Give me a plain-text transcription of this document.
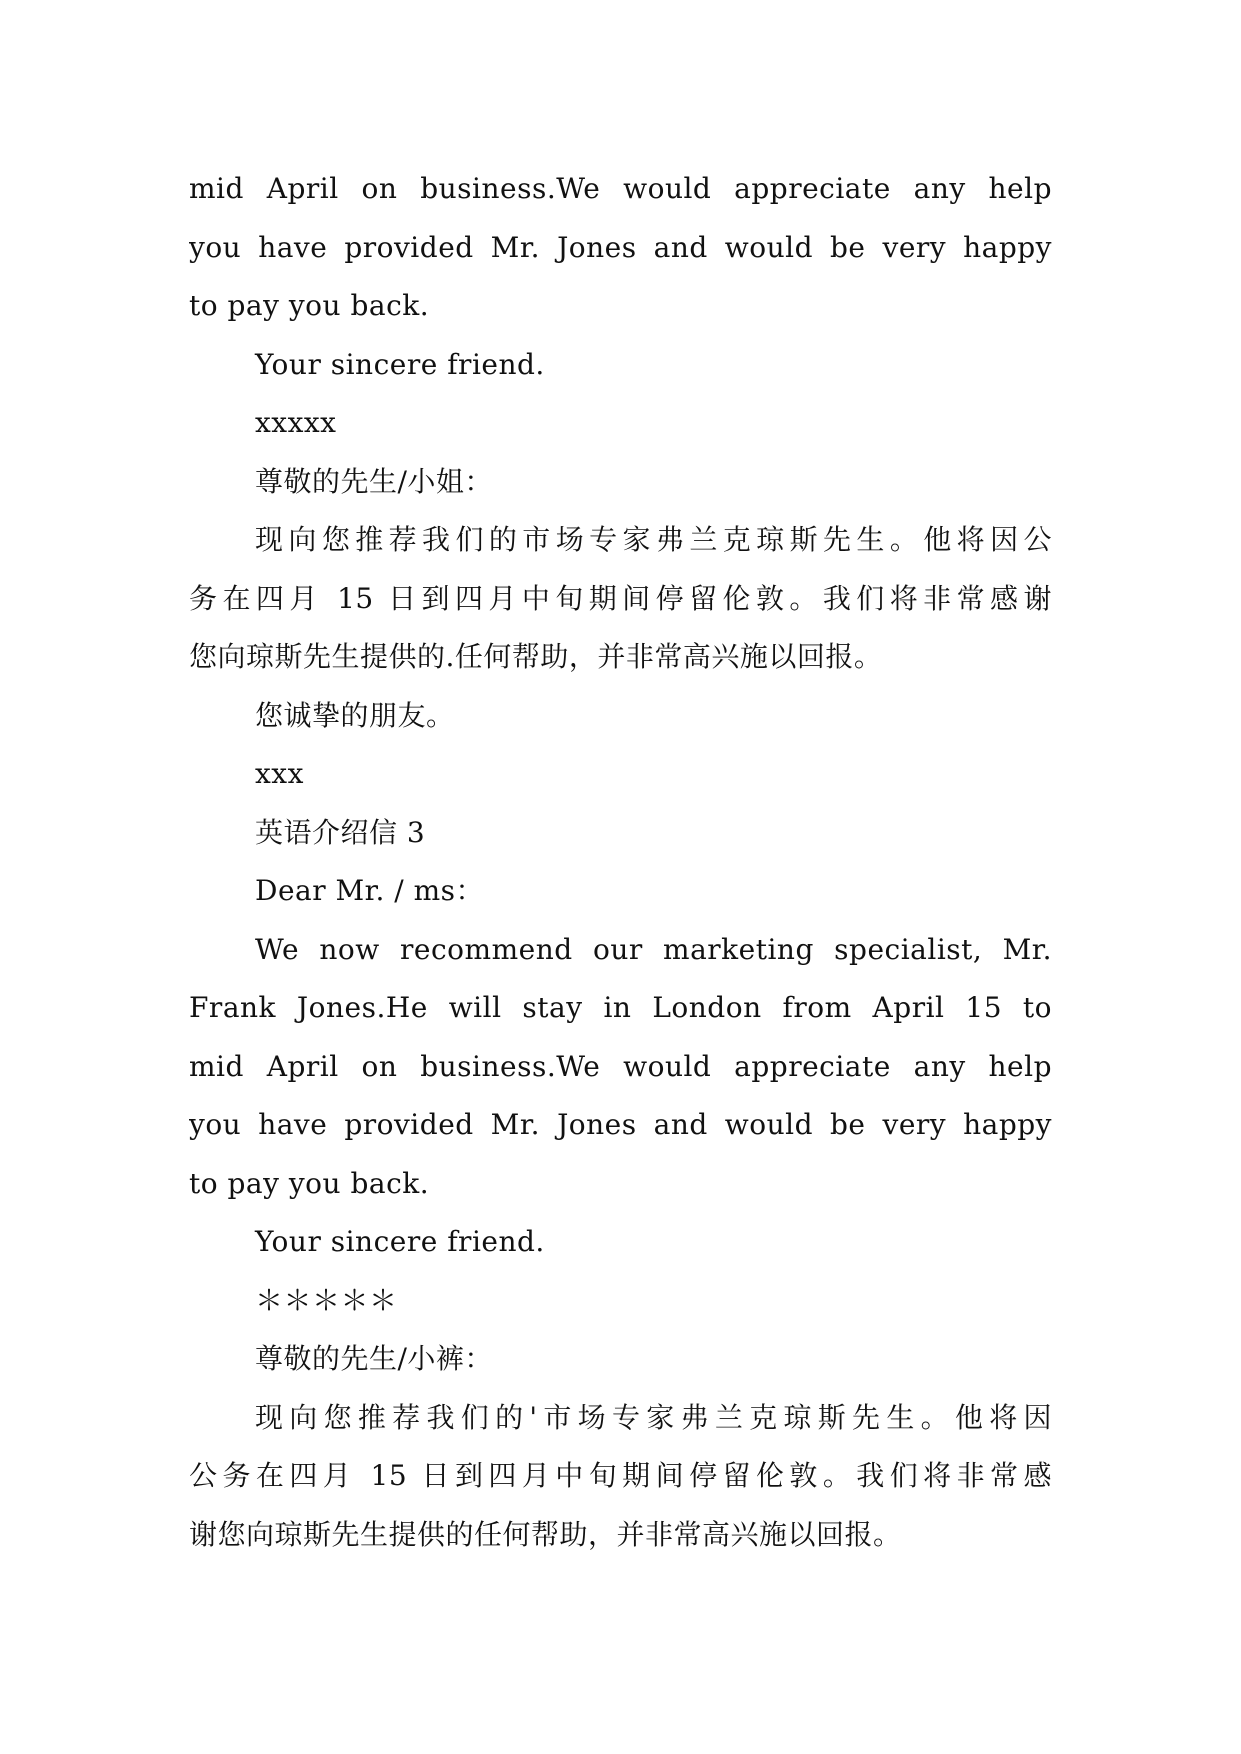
mid April on business.We would appreciate any help
you have provided Mr. Jones and would be very happy
to pay you back.
Your sincere friend.
xxxxx
尊敬的先生/小姐：
现向您推荐我们的市场专家弗兰克琼斯先生。他将因公
务在四月 15 日到四月中旬期间停留伦敦。我们将非常感谢
您向琼斯先生提供的.任何帮助，并非常高兴施以回报。
您诚挚的朋友。
xxx
英语介绍信 3
Dear Mr. / ms：
We now recommend our marketing specialist, Mr.
Frank Jones.He will stay in London from April 15 to
mid April on business.We would appreciate any help
you have provided Mr. Jones and would be very happy
to pay you back.
Your sincere friend.
＊＊＊＊＊
尊敬的先生/小裤：
现向您推荐我们的'市场专家弗兰克琼斯先生。他将因
公务在四月 15 日到四月中旬期间停留伦敦。我们将非常感
谢您向琼斯先生提供的任何帮助，并非常高兴施以回报。
